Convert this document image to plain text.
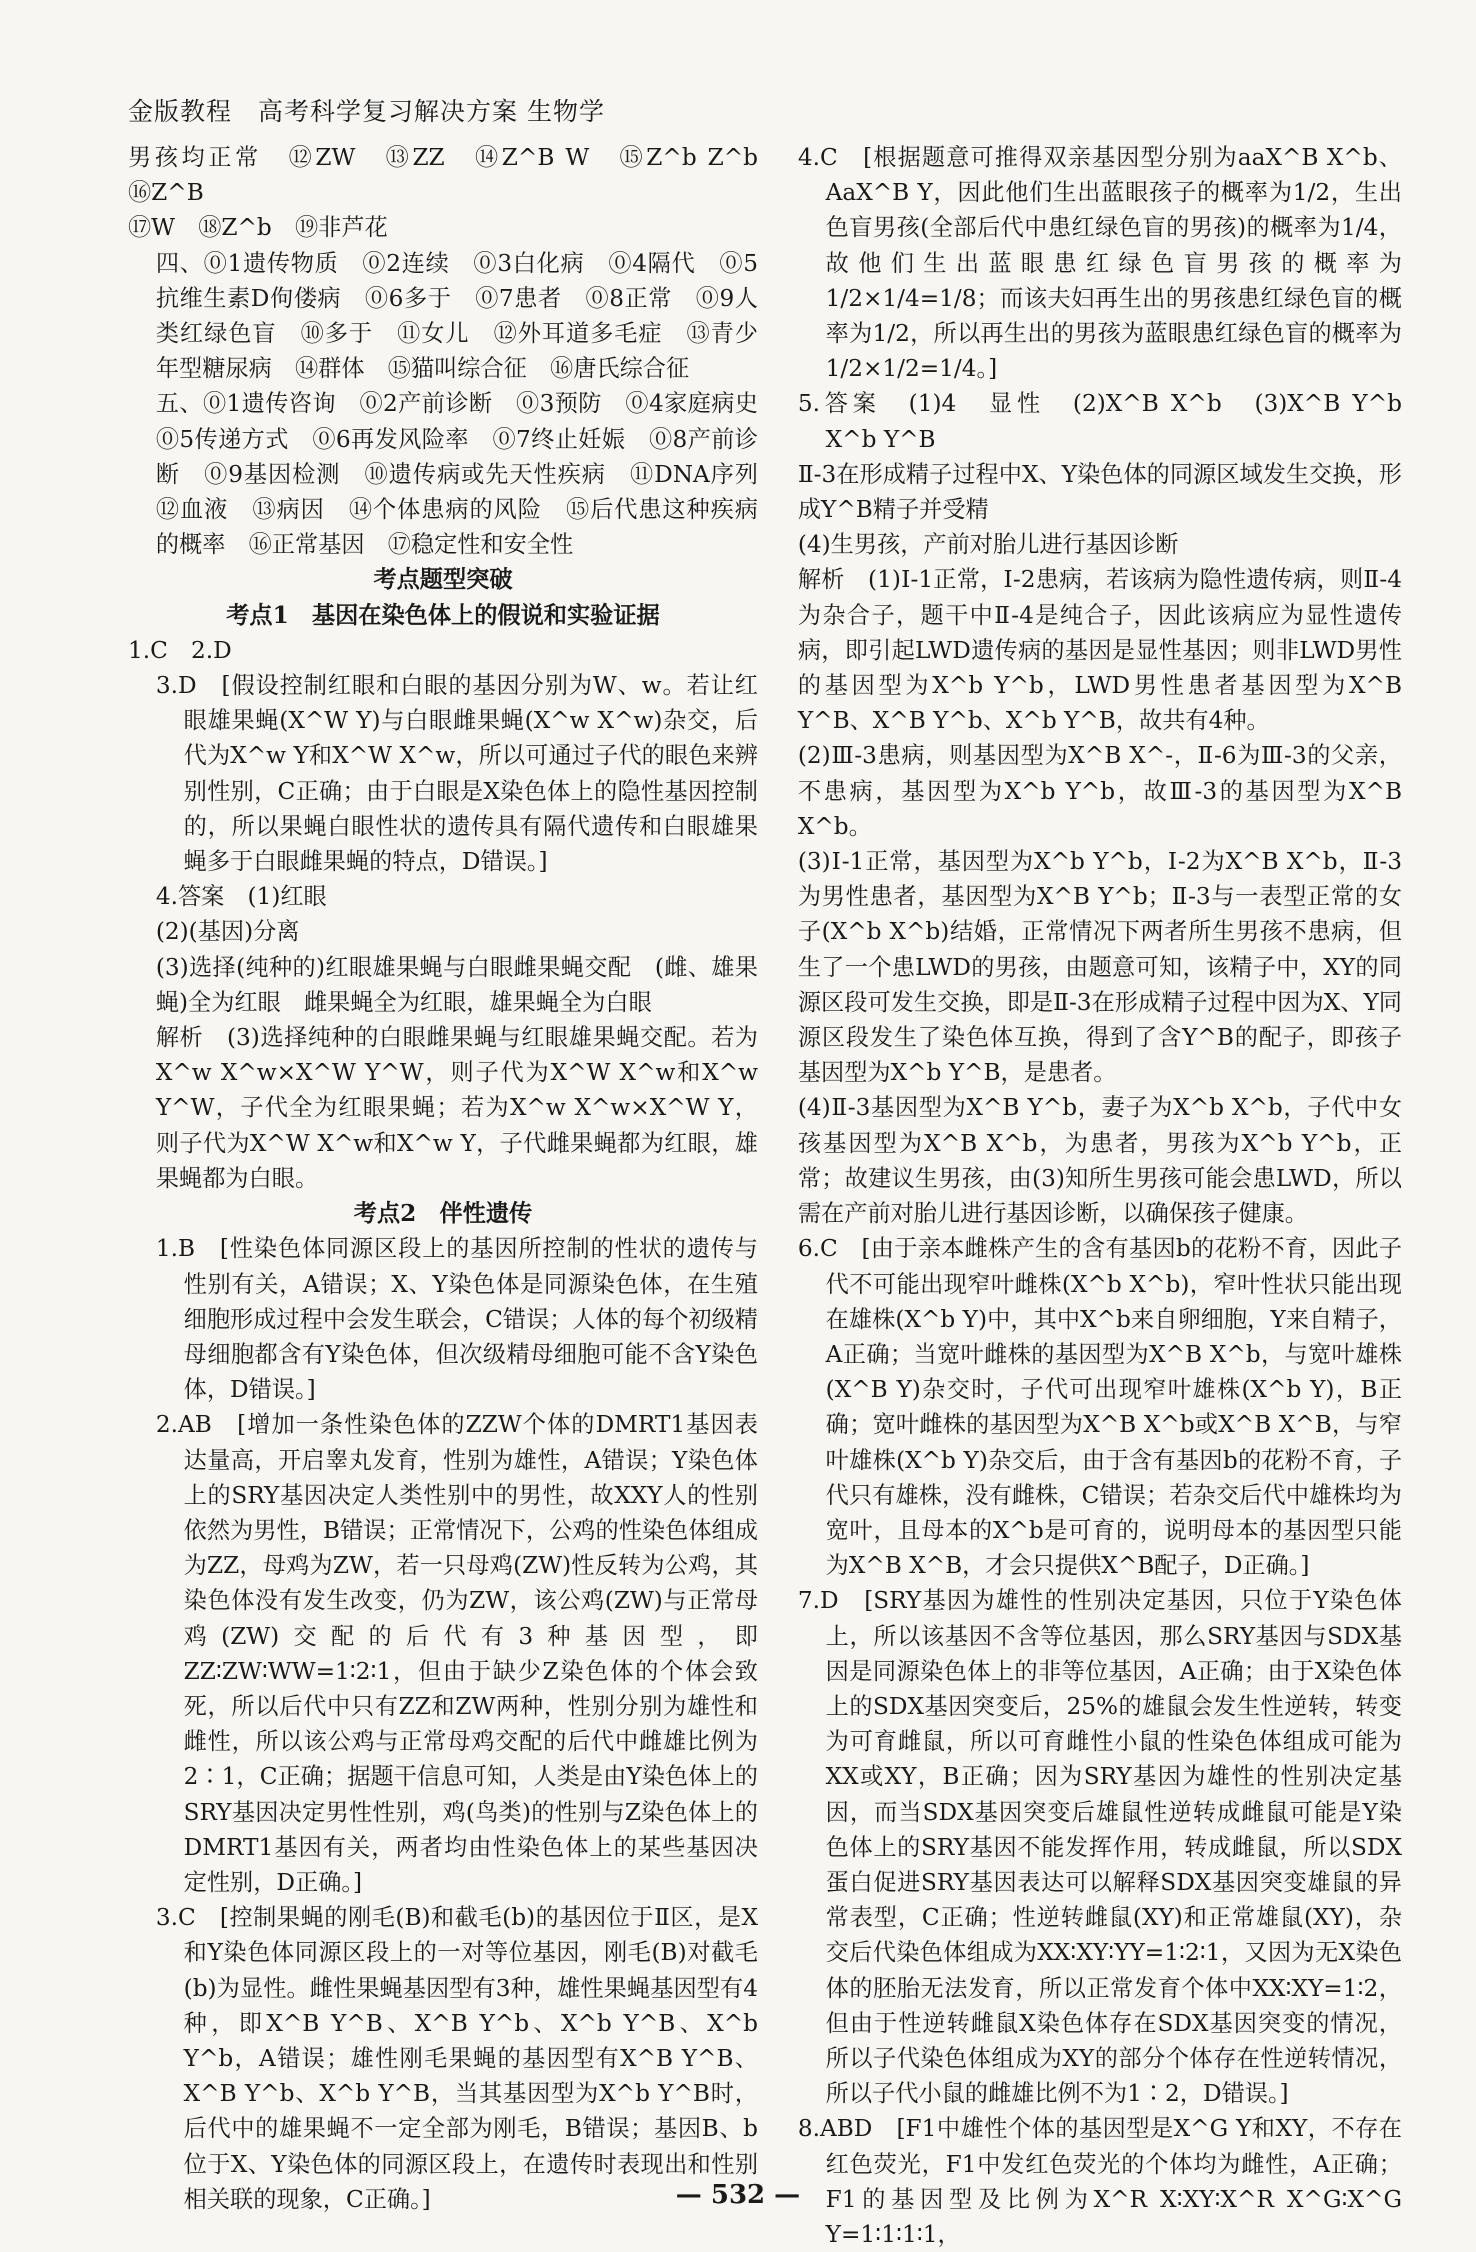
金版教程　高考科学复习解决方案 生物学

男孩均正常　⑫ZW　⑬ZZ　⑭Z^B W　⑮Z^b Z^b　⑯Z^B

⑰W　⑱Z^b　⑲非芦花

四、⓪1遗传物质　⓪2连续　⓪3白化病　⓪4隔代　⓪5抗维生素D佝偻病　⓪6多于　⓪7患者　⓪8正常　⓪9人类红绿色盲　⑩多于　⑪女儿　⑫外耳道多毛症　⑬青少年型糖尿病　⑭群体　⑮猫叫综合征　⑯唐氏综合征

五、⓪1遗传咨询　⓪2产前诊断　⓪3预防　⓪4家庭病史　⓪5传递方式　⓪6再发风险率　⓪7终止妊娠　⓪8产前诊断　⓪9基因检测　⑩遗传病或先天性疾病　⑪DNA序列　⑫血液　⑬病因　⑭个体患病的风险　⑮后代患这种疾病的概率　⑯正常基因　⑰稳定性和安全性

考点题型突破

考点1　基因在染色体上的假说和实验证据

1.C　2.D

3.D　[假设控制红眼和白眼的基因分别为W、w。若让红眼雄果蝇(X^W Y)与白眼雌果蝇(X^w X^w)杂交，后代为X^w Y和X^W X^w，所以可通过子代的眼色来辨别性别，C正确；由于白眼是X染色体上的隐性基因控制的，所以果蝇白眼性状的遗传具有隔代遗传和白眼雄果蝇多于白眼雌果蝇的特点，D错误。]

4.答案　(1)红眼

(2)(基因)分离

(3)选择(纯种的)红眼雄果蝇与白眼雌果蝇交配　(雌、雄果蝇)全为红眼　雌果蝇全为红眼，雄果蝇全为白眼

解析　(3)选择纯种的白眼雌果蝇与红眼雄果蝇交配。若为X^w X^w×X^W Y^W，则子代为X^W X^w和X^w Y^W，子代全为红眼果蝇；若为X^w X^w×X^W Y，则子代为X^W X^w和X^w Y，子代雌果蝇都为红眼，雄果蝇都为白眼。

考点2　伴性遗传

1.B　[性染色体同源区段上的基因所控制的性状的遗传与性别有关，A错误；X、Y染色体是同源染色体，在生殖细胞形成过程中会发生联会，C错误；人体的每个初级精母细胞都含有Y染色体，但次级精母细胞可能不含Y染色体，D错误。]

2.AB　[增加一条性染色体的ZZW个体的DMRT1基因表达量高，开启睾丸发育，性别为雄性，A错误；Y染色体上的SRY基因决定人类性别中的男性，故XXY人的性别依然为男性，B错误；正常情况下，公鸡的性染色体组成为ZZ，母鸡为ZW，若一只母鸡(ZW)性反转为公鸡，其染色体没有发生改变，仍为ZW，该公鸡(ZW)与正常母鸡(ZW)交配的后代有3种基因型，即ZZ∶ZW∶WW=1∶2∶1，但由于缺少Z染色体的个体会致死，所以后代中只有ZZ和ZW两种，性别分别为雄性和雌性，所以该公鸡与正常母鸡交配的后代中雌雄比例为2∶1，C正确；据题干信息可知，人类是由Y染色体上的SRY基因决定男性性别，鸡(鸟类)的性别与Z染色体上的DMRT1基因有关，两者均由性染色体上的某些基因决定性别，D正确。]

3.C　[控制果蝇的刚毛(B)和截毛(b)的基因位于Ⅱ区，是X和Y染色体同源区段上的一对等位基因，刚毛(B)对截毛(b)为显性。雌性果蝇基因型有3种，雄性果蝇基因型有4种，即X^B Y^B、X^B Y^b、X^b Y^B、X^b Y^b，A错误；雄性刚毛果蝇的基因型有X^B Y^B、X^B Y^b、X^b Y^B，当其基因型为X^b Y^B时，后代中的雄果蝇不一定全部为刚毛，B错误；基因B、b位于X、Y染色体的同源区段上，在遗传时表现出和性别相关联的现象，C正确。]

4.C　[根据题意可推得双亲基因型分别为aaX^B X^b、AaX^B Y，因此他们生出蓝眼孩子的概率为1/2，生出色盲男孩(全部后代中患红绿色盲的男孩)的概率为1/4，故他们生出蓝眼患红绿色盲男孩的概率为1/2×1/4=1/8；而该夫妇再生出的男孩患红绿色盲的概率为1/2，所以再生出的男孩为蓝眼患红绿色盲的概率为1/2×1/2=1/4。]

5.答案　(1)4　显性　(2)X^B X^b　(3)X^B Y^b　X^b Y^B

Ⅱ-3在形成精子过程中X、Y染色体的同源区域发生交换，形成Y^B精子并受精

(4)生男孩，产前对胎儿进行基因诊断

解析　(1)Ⅰ-1正常，Ⅰ-2患病，若该病为隐性遗传病，则Ⅱ-4为杂合子，题干中Ⅱ-4是纯合子，因此该病应为显性遗传病，即引起LWD遗传病的基因是显性基因；则非LWD男性的基因型为X^b Y^b，LWD男性患者基因型为X^B Y^B、X^B Y^b、X^b Y^B，故共有4种。

(2)Ⅲ-3患病，则基因型为X^B X^-，Ⅱ-6为Ⅲ-3的父亲，不患病，基因型为X^b Y^b，故Ⅲ-3的基因型为X^B X^b。

(3)Ⅰ-1正常，基因型为X^b Y^b，Ⅰ-2为X^B X^b，Ⅱ-3为男性患者，基因型为X^B Y^b；Ⅱ-3与一表型正常的女子(X^b X^b)结婚，正常情况下两者所生男孩不患病，但生了一个患LWD的男孩，由题意可知，该精子中，XY的同源区段可发生交换，即是Ⅱ-3在形成精子过程中因为X、Y同源区段发生了染色体互换，得到了含Y^B的配子，即孩子基因型为X^b Y^B，是患者。

(4)Ⅱ-3基因型为X^B Y^b，妻子为X^b X^b，子代中女孩基因型为X^B X^b，为患者，男孩为X^b Y^b，正常；故建议生男孩，由(3)知所生男孩可能会患LWD，所以需在产前对胎儿进行基因诊断，以确保孩子健康。

6.C　[由于亲本雌株产生的含有基因b的花粉不育，因此子代不可能出现窄叶雌株(X^b X^b)，窄叶性状只能出现在雄株(X^b Y)中，其中X^b来自卵细胞，Y来自精子，A正确；当宽叶雌株的基因型为X^B X^b，与宽叶雄株(X^B Y)杂交时，子代可出现窄叶雄株(X^b Y)，B正确；宽叶雌株的基因型为X^B X^b或X^B X^B，与窄叶雄株(X^b Y)杂交后，由于含有基因b的花粉不育，子代只有雄株，没有雌株，C错误；若杂交后代中雄株均为宽叶，且母本的X^b是可育的，说明母本的基因型只能为X^B X^B，才会只提供X^B配子，D正确。]

7.D　[SRY基因为雄性的性别决定基因，只位于Y染色体上，所以该基因不含等位基因，那么SRY基因与SDX基因是同源染色体上的非等位基因，A正确；由于X染色体上的SDX基因突变后，25%的雄鼠会发生性逆转，转变为可育雌鼠，所以可育雌性小鼠的性染色体组成可能为XX或XY，B正确；因为SRY基因为雄性的性别决定基因，而当SDX基因突变后雄鼠性逆转成雌鼠可能是Y染色体上的SRY基因不能发挥作用，转成雌鼠，所以SDX蛋白促进SRY基因表达可以解释SDX基因突变雄鼠的异常表型，C正确；性逆转雌鼠(XY)和正常雄鼠(XY)，杂交后代染色体组成为XX∶XY∶YY=1∶2∶1，又因为无X染色体的胚胎无法发育，所以正常发育个体中XX∶XY=1∶2，但由于性逆转雌鼠X染色体存在SDX基因突变的情况，所以子代染色体组成为XY的部分个体存在性逆转情况，所以子代小鼠的雌雄比例不为1∶2，D错误。]

8.ABD　[F1中雄性个体的基因型是X^G Y和XY，不存在红色荧光，F1中发红色荧光的个体均为雌性，A正确；F1的基因型及比例为X^R X∶XY∶X^R X^G∶X^G Y=1∶1∶1∶1，

— 532 —
